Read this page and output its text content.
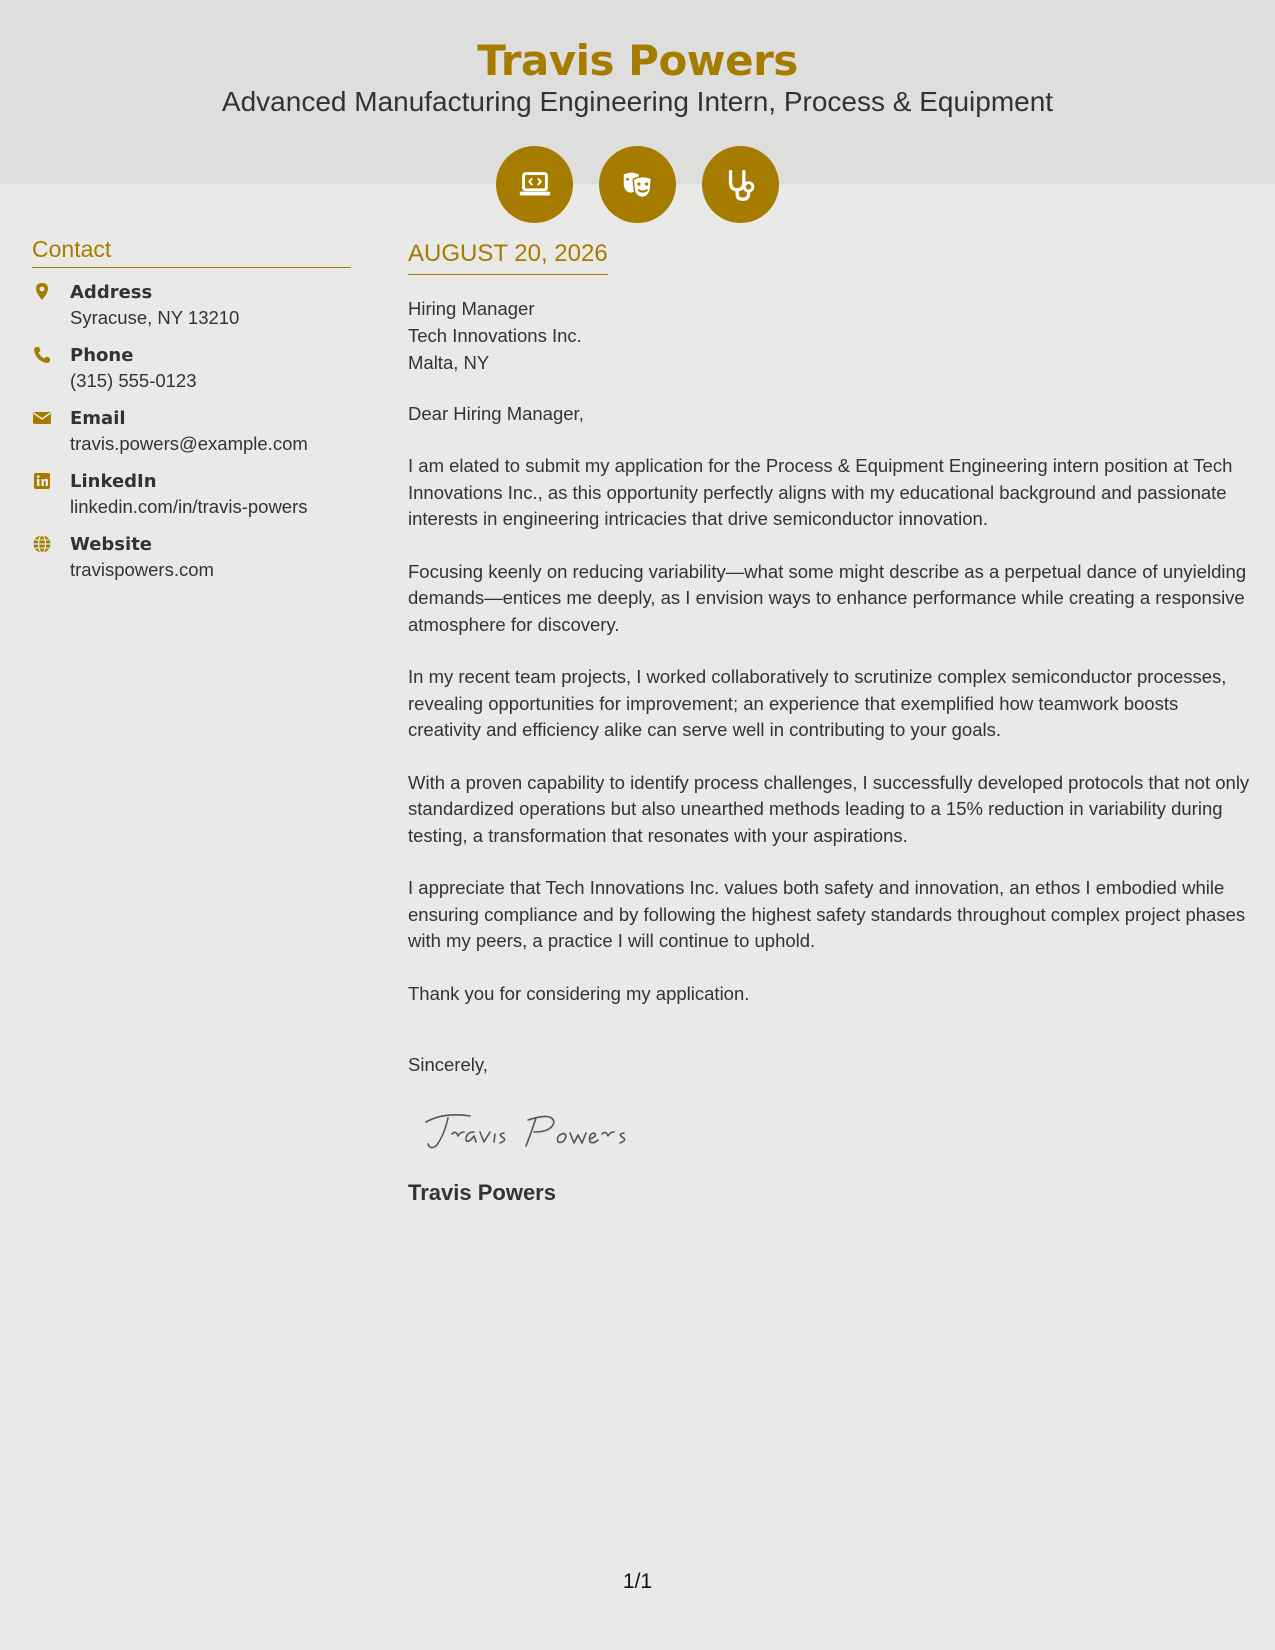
Travis Powers
Advanced Manufacturing Engineering Intern, Process & Equipment
Contact
Address
Syracuse, NY 13210
Phone
(315) 555-0123
Email
travis.powers@example.com
LinkedIn
linkedin.com/in/travis-powers
Website
travispowers.com
AUGUST 20, 2026
Hiring Manager
Tech Innovations Inc.
Malta, NY
Dear Hiring Manager,

I am elated to submit my application for the Process & Equipment Engineering intern position at Tech Innovations Inc., as this opportunity perfectly aligns with my educational background and passionate interests in engineering intricacies that drive semiconductor innovation.

Focusing keenly on reducing variability—what some might describe as a perpetual dance of unyielding demands—entices me deeply, as I envision ways to enhance performance while creating a responsive atmosphere for discovery.

In my recent team projects, I worked collaboratively to scrutinize complex semiconductor processes, revealing opportunities for improvement; an experience that exemplified how teamwork boosts creativity and efficiency alike can serve well in contributing to your goals.

With a proven capability to identify process challenges, I successfully developed protocols that not only standardized operations but also unearthed methods leading to a 15% reduction in variability during testing, a transformation that resonates with your aspirations.

I appreciate that Tech Innovations Inc. values both safety and innovation, an ethos I embodied while ensuring compliance and by following the highest safety standards throughout complex project phases with my peers, a practice I will continue to uphold.

Thank you for considering my application.

Sincerely,
Travis Powers
1/1
